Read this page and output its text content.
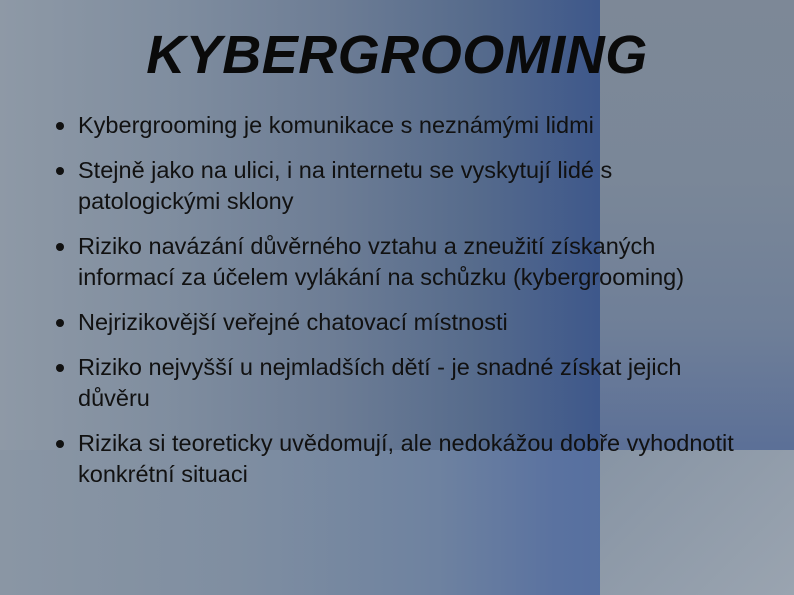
KYBERGROOMING
Kybergrooming je komunikace s neznámými lidmi
Stejně jako na ulici, i na internetu se vyskytují lidé s patologickými sklony
Riziko navázání důvěrného vztahu a zneužití získaných informací za účelem vylákání na schůzku (kybergrooming)
Nejrizikovější veřejné chatovací místnosti
Riziko nejvyšší u nejmladších dětí - je snadné získat jejich důvěru
Rizika si teoreticky uvědomují, ale nedokážou dobře vyhodnotit konkrétní situaci
